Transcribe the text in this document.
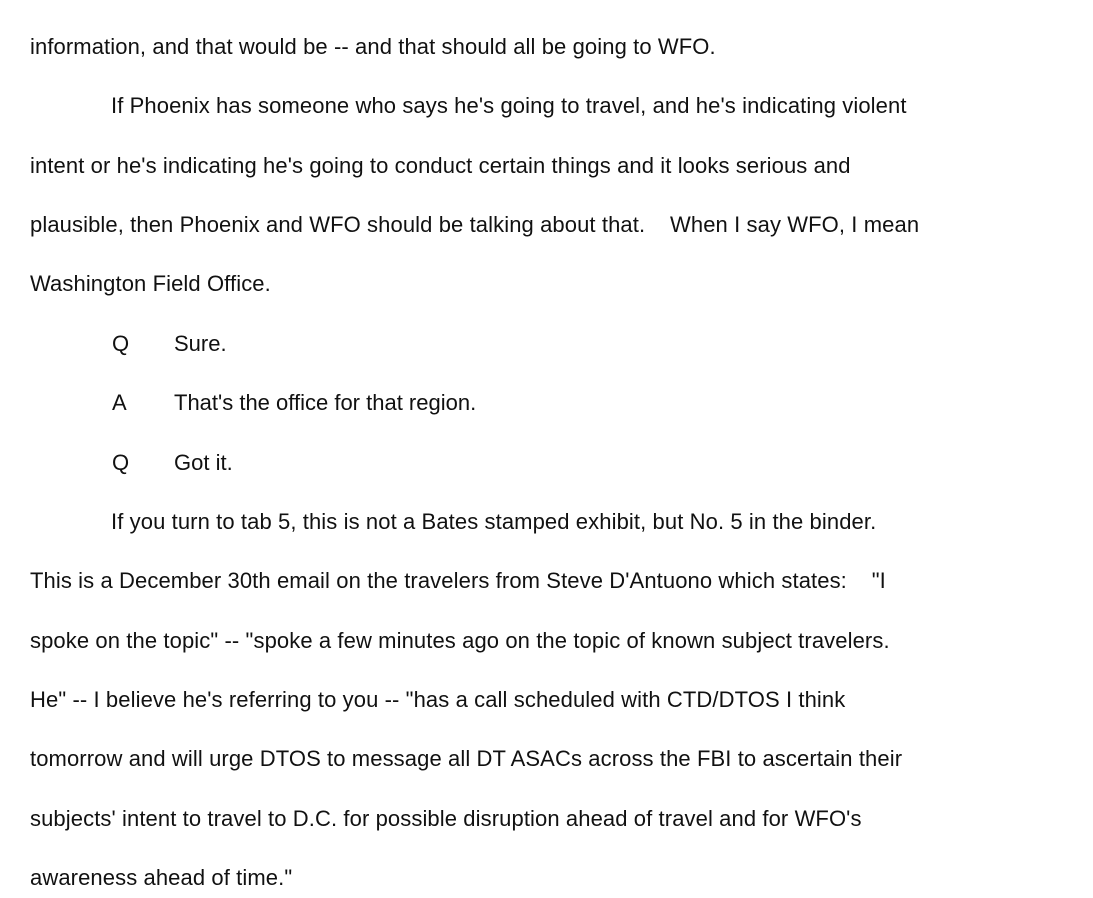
information, and that would be -- and that should all be going to WFO.
If Phoenix has someone who says he's going to travel, and he's indicating violent
intent or he's indicating he's going to conduct certain things and it looks serious and
plausible, then Phoenix and WFO should be talking about that.    When I say WFO, I mean
Washington Field Office.
Q Sure.
A That's the office for that region.
Q Got it.
If you turn to tab 5, this is not a Bates stamped exhibit, but No. 5 in the binder.
This is a December 30th email on the travelers from Steve D'Antuono which states:    "I
spoke on the topic" -- "spoke a few minutes ago on the topic of known subject travelers.
He" -- I believe he's referring to you -- "has a call scheduled with CTD/DTOS I think
tomorrow and will urge DTOS to message all DT ASACs across the FBI to ascertain their
subjects' intent to travel to D.C. for possible disruption ahead of travel and for WFO's
awareness ahead of time."
